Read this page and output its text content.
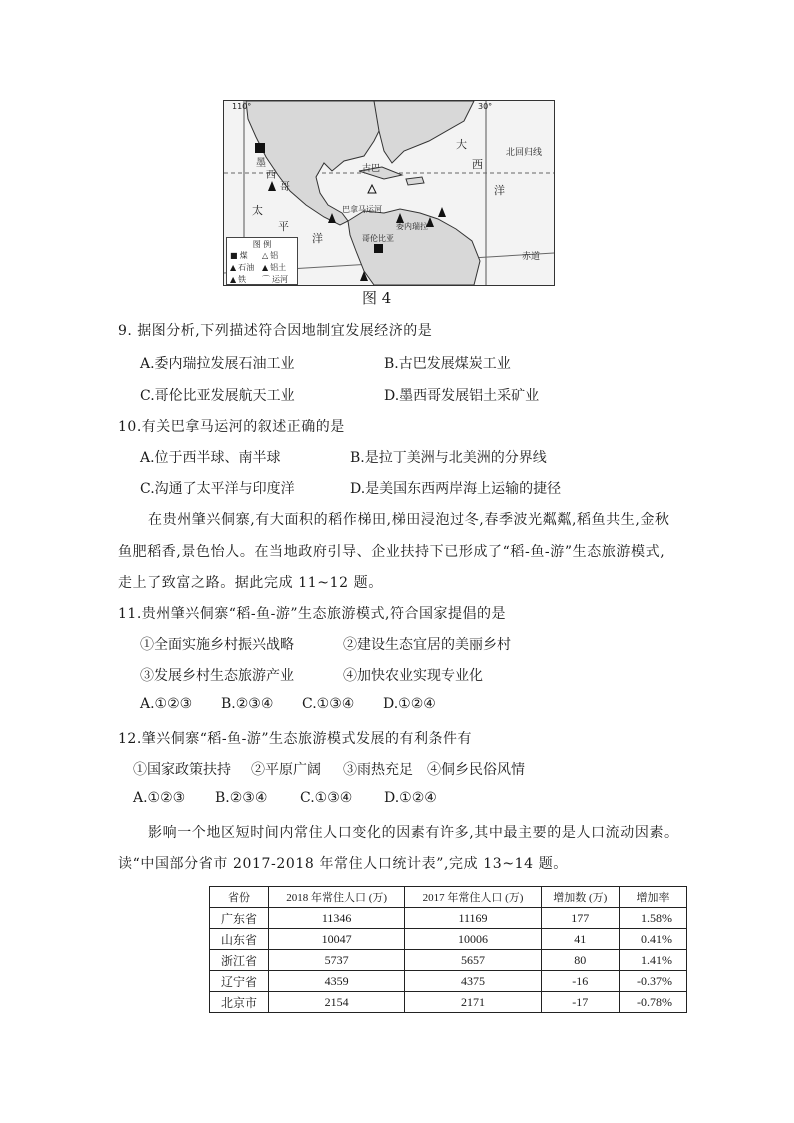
110°	30°
墨
西
哥
古巴
巴拿马运河
委内瑞拉
哥伦比亚
太
平
洋
大
西
洋
北回归线
赤道
图 例
■ 煤 △ 铝
▲ 石油 ▲ 铝土
▲ 铁 ⌒ 运河
图 4
9. 据图分析,下列描述符合因地制宜发展经济的是
A.委内瑞拉发展石油工业	B.古巴发展煤炭工业
C.哥伦比亚发展航天工业	D.墨西哥发展铝土采矿业
10.有关巴拿马运河的叙述正确的是
A.位于西半球、南半球	B.是拉丁美洲与北美洲的分界线
C.沟通了太平洋与印度洋	D.是美国东西两岸海上运输的捷径
在贵州肇兴侗寨,有大面积的稻作梯田,梯田浸泡过冬,春季波光粼粼,稻鱼共生,金秋
鱼肥稻香,景色怡人。在当地政府引导、企业扶持下已形成了“稻-鱼-游”生态旅游模式,
走上了致富之路。据此完成 11~12 题。
11.贵州肇兴侗寨“稻-鱼-游”生态旅游模式,符合国家提倡的是
①全面实施乡村振兴战略	②建设生态宜居的美丽乡村
③发展乡村生态旅游产业	④加快农业实现专业化
A.①②③ B.②③④ C.①③④ D.①②④
12.肇兴侗寨“稻-鱼-游”生态旅游模式发展的有利条件有
①国家政策扶持 ②平原广阔 ③雨热充足 ④侗乡民俗风情
A.①②③ B.②③④ C.①③④ D.①②④
影响一个地区短时间内常住人口变化的因素有许多,其中最主要的是人口流动因素。
读“中国部分省市 2017-2018 年常住人口统计表”,完成 13~14 题。
省份	2018 年常住人口 (万)	2017 年常住人口 (万)	增加数 (万)	增加率
广东省	11346	11169	177	1.58%
山东省	10047	10006	41	0.41%
浙江省	5737	5657	80	1.41%
辽宁省	4359	4375	-16	-0.37%
北京市	2154	2171	-17	-0.78%
